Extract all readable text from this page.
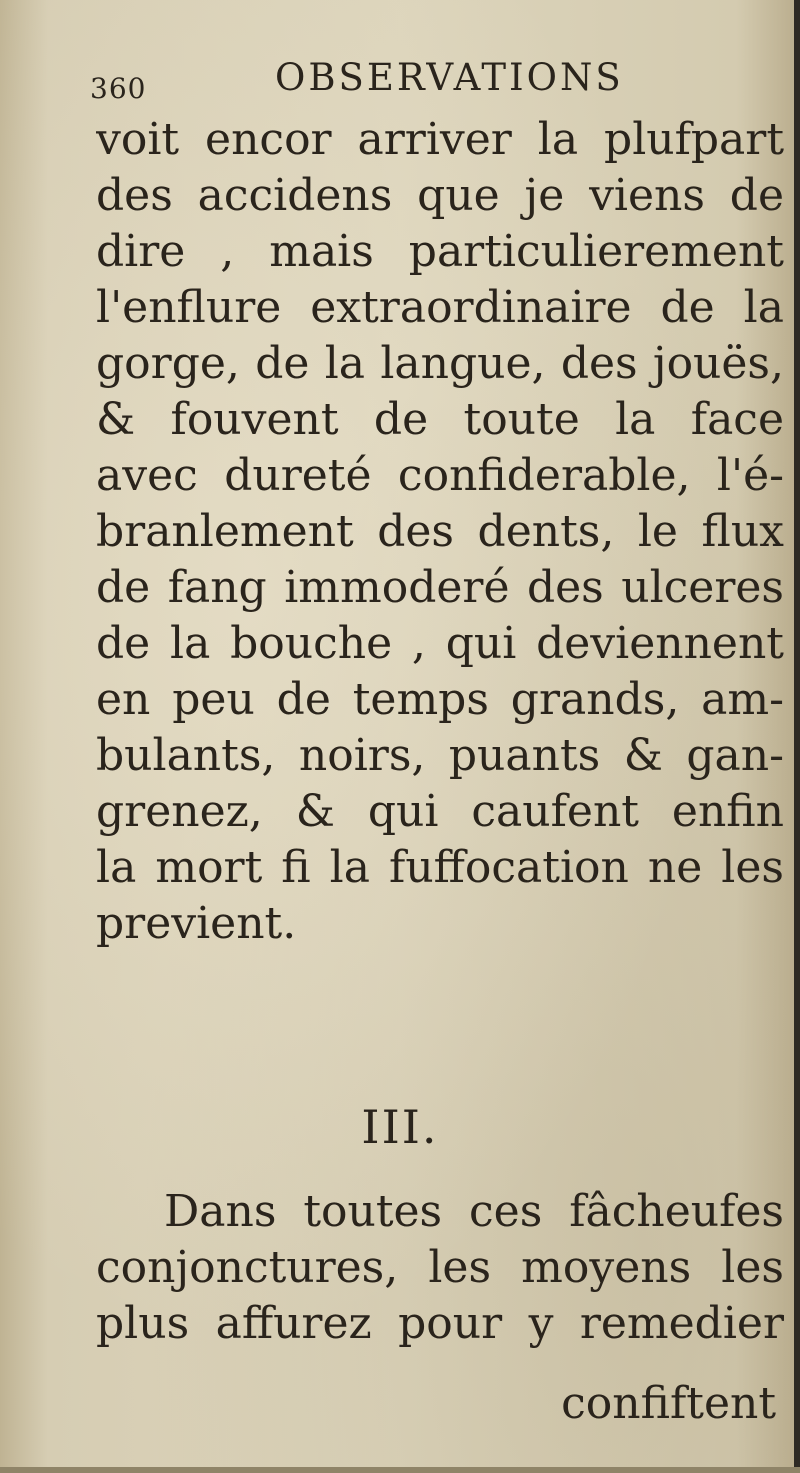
360	OBSERVATIONS
voit encor arriver la plufpart
des accidens que je viens de
dire , mais particulierement
l'enflure extraordinaire de la
gorge, de la langue, des jouës,
& fouvent de toute la face
avec dureté confiderable, l'é-
branlement des dents, le flux
de fang immoderé des ulceres
de la bouche , qui deviennent
en peu de temps grands, am-
bulants, noirs, puants & gan-
grenez, & qui caufent enfin
la mort fi la fuffocation ne les
previent.
III.
Dans toutes ces fâcheufes
conjonctures, les moyens les
plus affurez pour y remedier
confiftent
